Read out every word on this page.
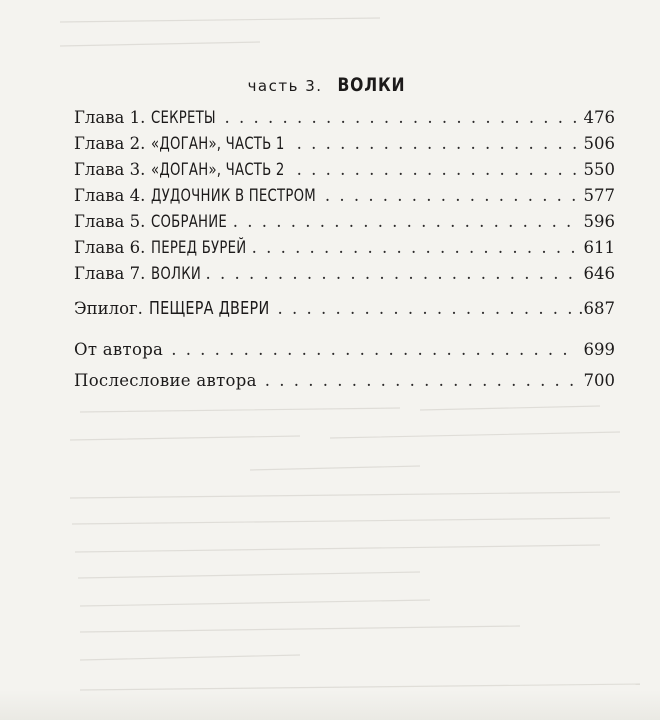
часть 3. ВОЛКИ
Глава 1. СЕКРЕТЫ . . .	476
Глава 2. «ДОГАН», ЧАСТЬ 1 . . .	506
Глава 3. «ДОГАН», ЧАСТЬ 2 . . .	550
Глава 4. ДУДОЧНИК В ПЕСТРОМ . . .	577
Глава 5. СОБРАНИЕ . . .	596
Глава 6. ПЕРЕД БУРЕЙ . . .	611
Глава 7. ВОЛКИ . . .	646
Эпилог. ПЕЩЕРА ДВЕРИ . . .	.687
От автора . . .	699
Послесловие автора . . .	700
